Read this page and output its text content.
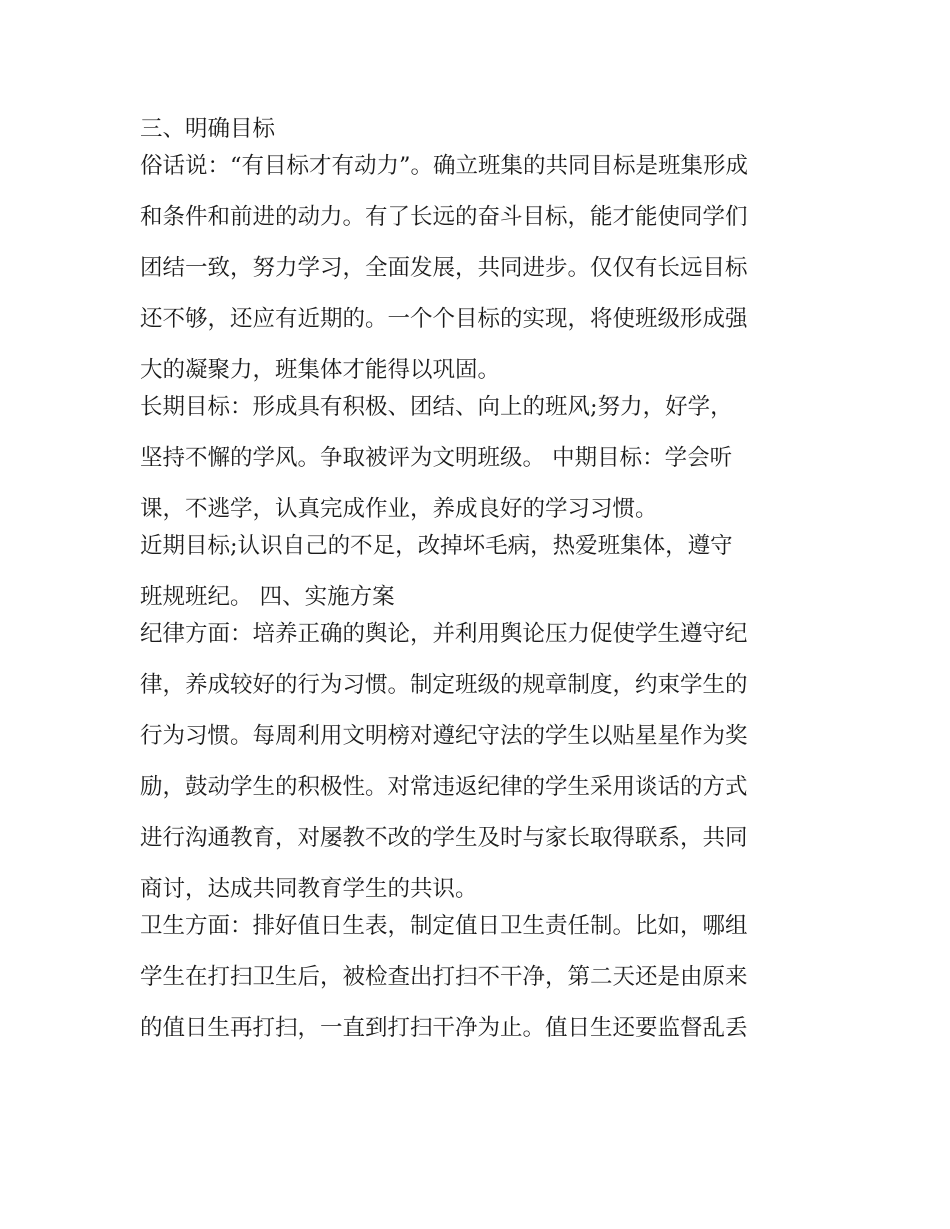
三、明确目标
俗话说：“有目标才有动力”。确立班集的共同目标是班集形成
和条件和前进的动力。有了长远的奋斗目标，能才能使同学们
团结一致，努力学习，全面发展，共同进步。仅仅有长远目标
还不够，还应有近期的。一个个目标的实现，将使班级形成强
大的凝聚力，班集体才能得以巩固。
长期目标：形成具有积极、团结、向上的班风;努力，好学，
坚持不懈的学风。争取被评为文明班级。 中期目标：学会听
课，不逃学，认真完成作业，养成良好的学习习惯。
近期目标;认识自己的不足，改掉坏毛病，热爱班集体，遵守
班规班纪。 四、实施方案
纪律方面：培养正确的舆论，并利用舆论压力促使学生遵守纪
律，养成较好的行为习惯。制定班级的规章制度，约束学生的
行为习惯。每周利用文明榜对遵纪守法的学生以贴星星作为奖
励，鼓动学生的积极性。对常违返纪律的学生采用谈话的方式
进行沟通教育，对屡教不改的学生及时与家长取得联系，共同
商讨，达成共同教育学生的共识。
卫生方面：排好值日生表，制定值日卫生责任制。比如，哪组
学生在打扫卫生后，被检查出打扫不干净，第二天还是由原来
的值日生再打扫，一直到打扫干净为止。值日生还要监督乱丢
